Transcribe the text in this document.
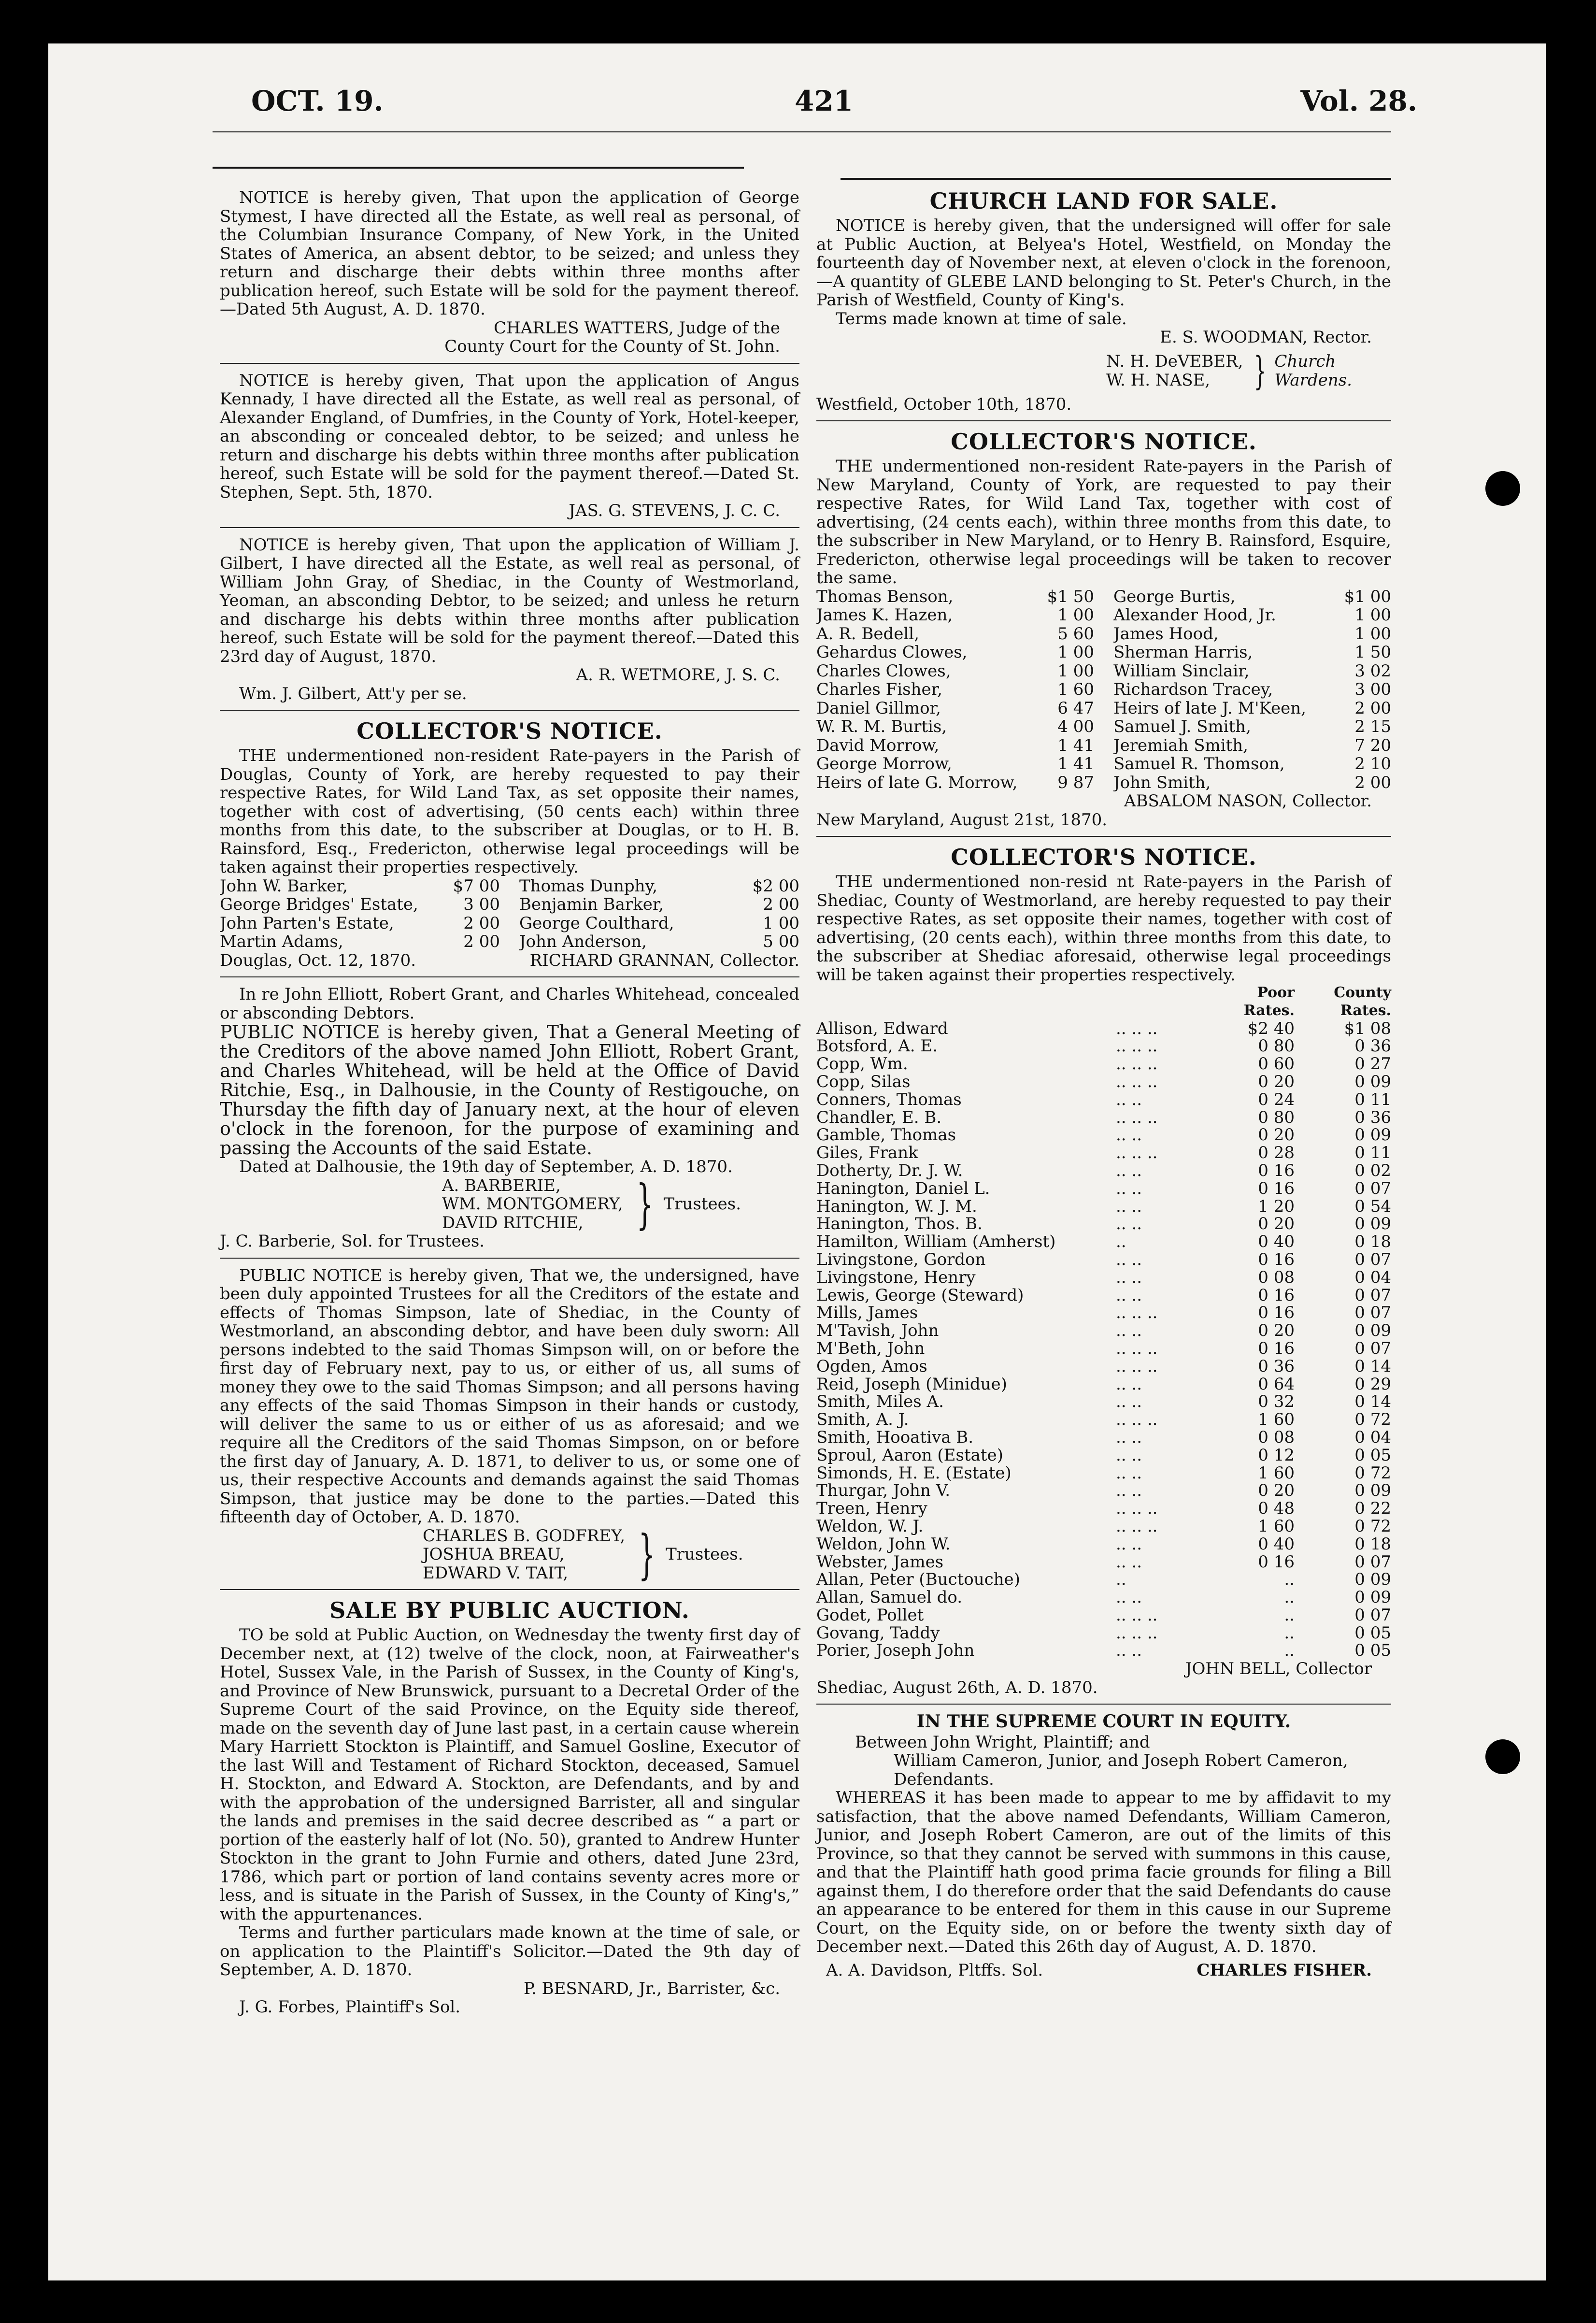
OCT. 19.	421	Vol. 28.

NOTICE is hereby given, That upon the application of George Stymest, I have directed all the Estate, as well real as personal, of the Columbian Insurance Company, of New York, in the United States of America, an absent debtor, to be seized; and unless they return and discharge their debts within three months after publication hereof, such Estate will be sold for the payment thereof.—Dated 5th August, A. D. 1870.

CHARLES WATTERS, Judge of the

County Court for the County of St. John.

NOTICE is hereby given, That upon the application of Angus Kennady, I have directed all the Estate, as well real as personal, of Alexander England, of Dumfries, in the County of York, Hotel-keeper, an absconding or concealed debtor, to be seized; and unless he return and discharge his debts within three months after publication hereof, such Estate will be sold for the payment thereof.—Dated St. Stephen, Sept. 5th, 1870.

JAS. G. STEVENS, J. C. C.

NOTICE is hereby given, That upon the application of William J. Gilbert, I have directed all the Estate, as well real as personal, of William John Gray, of Shediac, in the County of Westmorland, Yeoman, an absconding Debtor, to be seized; and unless he return and discharge his debts within three months after publication hereof, such Estate will be sold for the payment thereof.—Dated this 23rd day of August, 1870.

A. R. WETMORE, J. S. C.

Wm. J. Gilbert, Att'y per se.

COLLECTOR'S NOTICE.

THE undermentioned non-resident Rate-payers in the Parish of Douglas, County of York, are hereby requested to pay their respective Rates, for Wild Land Tax, as set opposite their names, together with cost of advertising, (50 cents each) within three months from this date, to the subscriber at Douglas, or to H. B. Rainsford, Esq., Fredericton, otherwise legal proceedings will be taken against their properties respectively.

John W. Barker,	$7 00 Thomas Dunphy,	$2 00
George Bridges' Estate,	3 00 Benjamin Barker,	2 00
John Parten's Estate,	2 00 George Coulthard,	1 00
Martin Adams,	2 00 John Anderson,	5 00
Douglas, Oct. 12, 1870.	RICHARD GRANNAN, Collector.

In re John Elliott, Robert Grant, and Charles Whitehead, concealed or absconding Debtors.

PUBLIC NOTICE is hereby given, That a General Meeting of the Creditors of the above named John Elliott, Robert Grant, and Charles Whitehead, will be held at the Office of David Ritchie, Esq., in Dalhousie, in the County of Restigouche, on Thursday the fifth day of January next, at the hour of eleven o'clock in the forenoon, for the purpose of examining and passing the Accounts of the said Estate.

Dated at Dalhousie, the 19th day of September, A. D. 1870.

A. BARBERIE,
WM. MONTGOMERY,
DAVID RITCHIE, } Trustees.

J. C. Barberie, Sol. for Trustees.

PUBLIC NOTICE is hereby given, That we, the undersigned, have been duly appointed Trustees for all the Creditors of the estate and effects of Thomas Simpson, late of Shediac, in the County of Westmorland, an absconding debtor, and have been duly sworn: All persons indebted to the said Thomas Simpson will, on or before the first day of February next, pay to us, or either of us, all sums of money they owe to the said Thomas Simpson; and all persons having any effects of the said Thomas Simpson in their hands or custody, will deliver the same to us or either of us as aforesaid; and we require all the Creditors of the said Thomas Simpson, on or before the first day of January, A. D. 1871, to deliver to us, or some one of us, their respective Accounts and demands against the said Thomas Simpson, that justice may be done to the parties.—Dated this fifteenth day of October, A. D. 1870.

CHARLES B. GODFREY,
JOSHUA BREAU,
EDWARD V. TAIT,	} Trustees.
SALE BY PUBLIC AUCTION.

TO be sold at Public Auction, on Wednesday the twenty first day of December next, at (12) twelve of the clock, noon, at Fairweather's Hotel, Sussex Vale, in the Parish of Sussex, in the County of King's, and Province of New Brunswick, pursuant to a Decretal Order of the Supreme Court of the said Province, on the Equity side thereof, made on the seventh day of June last past, in a certain cause wherein Mary Harriett Stockton is Plaintiff, and Samuel Gosline, Executor of the last Will and Testament of Richard Stockton, deceased, Samuel H. Stockton, and Edward A. Stockton, are Defendants, and by and with the approbation of the undersigned Barrister, all and singular the lands and premises in the said decree described as “ a part or portion of the easterly half of lot (No. 50), granted to Andrew Hunter Stockton in the grant to John Furnie and others, dated June 23rd, 1786, which part or portion of land contains seventy acres more or less, and is situate in the Parish of Sussex, in the County of King's,” with the appurtenances.

Terms and further particulars made known at the time of sale, or on application to the Plaintiff's Solicitor.—Dated the 9th day of September, A. D. 1870.

P. BESNARD, Jr., Barrister, &c.

J. G. Forbes, Plaintiff's Sol.

CHURCH LAND FOR SALE.

NOTICE is hereby given, that the undersigned will offer for sale at Public Auction, at Belyea's Hotel, Westfield, on Monday the fourteenth day of November next, at eleven o'clock in the forenoon,—A quantity of GLEBE LAND belonging to St. Peter's Church, in the Parish of Westfield, County of King's.

Terms made known at time of sale.

E. S. WOODMAN, Rector.

N. H. DeVEBER,
W. H. NASE,	} Church
Wardens.

Westfield, October 10th, 1870.

COLLECTOR'S NOTICE.

THE undermentioned non-resident Rate-payers in the Parish of New Maryland, County of York, are requested to pay their respective Rates, for Wild Land Tax, together with cost of advertising, (24 cents each), within three months from this date, to the subscriber in New Maryland, or to Henry B. Rainsford, Esquire, Fredericton, otherwise legal proceedings will be taken to recover the same.

Thomas Benson,	$1 50 George Burtis,	$1 00
James K. Hazen,	1 00 Alexander Hood, Jr.	1 00
A. R. Bedell,	5 60 James Hood,	1 00
Gehardus Clowes,	1 00 Sherman Harris,	1 50
Charles Clowes,	1 00 William Sinclair,	3 02
Charles Fisher,	1 60 Richardson Tracey,	3 00
Daniel Gillmor,	6 47 Heirs of late J. M'Keen,	2 00
W. R. M. Burtis,	4 00 Samuel J. Smith,	2 15
David Morrow,	1 41 Jeremiah Smith,	7 20
George Morrow,	1 41 Samuel R. Thomson,	2 10
Heirs of late G. Morrow,	9 87 John Smith,	2 00

ABSALOM NASON, Collector.

New Maryland, August 21st, 1870.

COLLECTOR'S NOTICE.

THE undermentioned non-resid nt Rate-payers in the Parish of Shediac, County of Westmorland, are hereby requested to pay their respective Rates, as set opposite their names, together with cost of advertising, (20 cents each), within three months from this date, to the subscriber at Shediac aforesaid, otherwise legal proceedings will be taken against their properties respectively.

Poor Rates.
County Rates.
Allison, Edward	.. .. ..	$2 40	$1 08
Botsford, A. E.	.. .. ..	0 80	0 36
Copp, Wm.	.. .. ..	0 60	0 27
Copp, Silas	.. .. ..	0 20	0 09
Conners, Thomas	.. ..	0 24	0 11
Chandler, E. B.	.. .. ..	0 80	0 36
Gamble, Thomas	.. ..	0 20	0 09
Giles, Frank	.. .. ..	0 28	0 11
Dotherty, Dr. J. W.	.. ..	0 16	0 02
Hanington, Daniel L.	.. ..	0 16	0 07
Hanington, W. J. M.	.. ..	1 20	0 54
Hanington, Thos. B.	.. ..	0 20	0 09
Hamilton, William (Amherst)	..	0 40	0 18
Livingstone, Gordon	.. ..	0 16	0 07
Livingstone, Henry	.. ..	0 08	0 04
Lewis, George (Steward)	.. ..	0 16	0 07
Mills, James	.. .. ..	0 16	0 07
M'Tavish, John	.. ..	0 20	0 09
M'Beth, John	.. .. ..	0 16	0 07
Ogden, Amos	.. .. ..	0 36	0 14
Reid, Joseph (Minidue)	.. ..	0 64	0 29
Smith, Miles A.	.. ..	0 32	0 14
Smith, A. J.	.. .. ..	1 60	0 72
Smith, Hooativa B.	.. ..	0 08	0 04
Sproul, Aaron (Estate)	.. ..	0 12	0 05
Simonds, H. E. (Estate)	.. ..	1 60	0 72
Thurgar, John V.	.. ..	0 20	0 09
Treen, Henry	.. .. ..	0 48	0 22
Weldon, W. J.	.. .. ..	1 60	0 72
Weldon, John W.	.. ..	0 40	0 18
Webster, James	.. ..	0 16	0 07
Allan, Peter (Buctouche)	..	..	0 09
Allan, Samuel do.	.. ..	..	0 09
Godet, Pollet	.. .. ..	..	0 07
Govang, Taddy	.. .. ..	..	0 05
Porier, Joseph John	.. ..	..	0 05

JOHN BELL, Collector

Shediac, August 26th, A. D. 1870.

IN THE SUPREME COURT IN EQUITY.

Between John Wright, Plaintiff; and

William Cameron, Junior, and Joseph Robert Cameron,

Defendants.

WHEREAS it has been made to appear to me by affidavit to my satisfaction, that the above named Defendants, William Cameron, Junior, and Joseph Robert Cameron, are out of the limits of this Province, so that they cannot be served with summons in this cause, and that the Plaintiff hath good prima facie grounds for filing a Bill against them, I do therefore order that the said Defendants do cause an appearance to be entered for them in this cause in our Supreme Court, on the Equity side, on or before the twenty sixth day of December next.—Dated this 26th day of August, A. D. 1870.

A. A. Davidson, Pltffs. Sol.	CHARLES FISHER.
